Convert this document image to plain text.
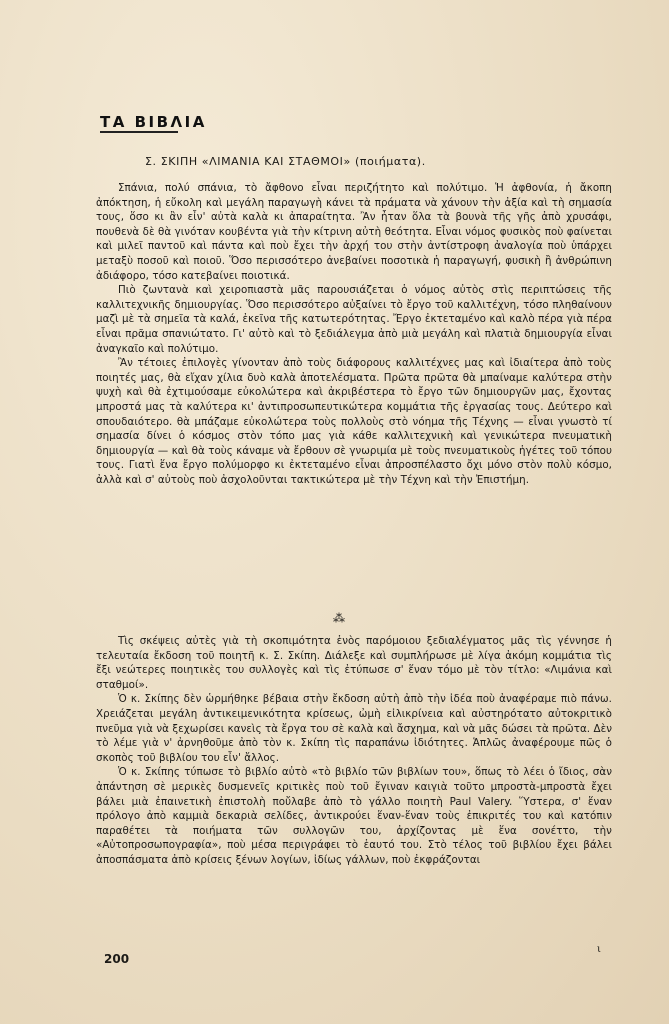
ΤΑ ΒΙΒΛΙΑ
Σ. ΣΚΙΠΗ «ΛΙΜΑΝΙΑ ΚΑΙ ΣΤΑΘΜΟΙ» (ποιήματα).

Σπάνια, πολύ σπάνια, τὸ ἄφθονο εἶναι περιζήτητο καὶ πολύτιμο. Ἡ ἀφθονία, ἡ ἄκοπη ἀπόκτηση, ἡ εὔκολη καὶ μεγάλη παραγωγὴ κάνει τὰ πράματα νὰ χάνουν τὴν ἀξία καὶ τὴ σημασία τους, ὅσο κι ἂν εἶν' αὐτὰ καλὰ κι ἀπαραίτητα. Ἂν ἦταν ὅλα τὰ βουνὰ τῆς γῆς ἀπὸ χρυσάφι, πουθενὰ δὲ θὰ γινόταν κουβέντα γιὰ τὴν κίτρινη αὐτὴ θεότητα. Εἶναι νόμος φυσικὸς ποὺ φαίνεται καὶ μιλεῖ παντοῦ καὶ πάντα καὶ ποὺ ἔχει τὴν ἀρχή του στὴν ἀντίστροφη ἀναλογία ποὺ ὑπάρχει μεταξὺ ποσοῦ καὶ ποιοῦ. Ὅσο περισσότερο ἀνεβαίνει ποσοτικὰ ἡ παραγωγή, φυσικὴ ἢ ἀνθρώπινη ἀδιάφορο, τόσο κατεβαίνει ποιοτικά.

Πιὸ ζωντανὰ καὶ χειροπιαστὰ μᾶς παρουσιάζεται ὁ νόμος αὐτὸς στὶς περιπτώσεις τῆς καλλιτεχνικῆς δημιουργίας. Ὅσο περισσότερο αὐξαίνει τὸ ἔργο τοῦ καλλιτέχνη, τόσο πληθαίνουν μαζὶ μὲ τὰ σημεῖα τὰ καλά, ἐκεῖνα τῆς κατωτερότητας. Ἔργο ἐκτεταμένο καὶ καλὸ πέρα γιὰ πέρα εἶναι πρᾶμα σπανιώτατο. Γι' αὐτὸ καὶ τὸ ξεδιάλεγμα ἀπὸ μιὰ μεγάλη καὶ πλατιὰ δημιουργία εἶναι ἀναγκαῖο καὶ πολύτιμο.

Ἂν τέτοιες ἐπιλογὲς γίνονταν ἀπὸ τοὺς διάφορους καλλιτέχνες μας καὶ ἰδιαίτερα ἀπὸ τοὺς ποιητές μας, θὰ εἴχαν χίλια δυὸ καλὰ ἀποτελέσματα. Πρῶτα πρῶτα θὰ μπαίναμε καλύτερα στὴν ψυχὴ καὶ θὰ ἐχτιμούσαμε εὐκολώτερα καὶ ἀκριβέστερα τὸ ἔργο τῶν δημιουργῶν μας, ἔχοντας μπροστά μας τὰ καλύτερα κι' ἀντιπροσωπευτικώτερα κομμάτια τῆς ἐργασίας τους. Δεύτερο καὶ σπουδαιότερο. θὰ μπάζαμε εὐκολώτερα τοὺς πολλοὺς στὸ νόημα τῆς Τέχνης — εἶναι γνωστὸ τί σημασία δίνει ὁ κόσμος στὸν τόπο μας γιὰ κάθε καλλιτεχνικὴ καὶ γενικώτερα πνευματικὴ δημιουργία — καὶ θὰ τοὺς κάναμε νὰ ἔρθουν σὲ γνωριμία μὲ τοὺς πνευματικοὺς ἡγέτες τοῦ τόπου τους. Γιατὶ ἕνα ἔργο πολύμορφο κι ἐκτεταμένο εἶναι ἀπροσπέλαστο ὄχι μόνο στὸν πολὺ κόσμο, ἀλλὰ καὶ σ' αὐτοὺς ποὺ ἀσχολοῦνται τακτικώτερα μὲ τὴν Τέχνη καὶ τὴν Ἐπιστήμη.

⁂

Τὶς σκέψεις αὐτὲς γιὰ τὴ σκοπιμότητα ἑνὸς παρόμοιου ξεδιαλέγματος μᾶς τὶς γέννησε ἡ τελευταία ἔκδοση τοῦ ποιητῆ κ. Σ. Σκίπη. Διάλεξε καὶ συμπλήρωσε μὲ λίγα ἀκόμη κομμάτια τὶς ἔξι νεώτερες ποιητικὲς του συλλογὲς καὶ τὶς ἐτύπωσε σ' ἕναν τόμο μὲ τὸν τίτλο: «Λιμάνια καὶ σταθμοί».

Ὁ κ. Σκίπης δὲν ὡρμήθηκε βέβαια στὴν ἔκδοση αὐτὴ ἀπὸ τὴν ἰδέα ποὺ ἀναφέραμε πιὸ πάνω. Χρειάζεται μεγάλη ἀντικειμενικότητα κρίσεως, ὠμὴ εἰλικρίνεια καὶ αὐστηρότατο αὐτοκριτικὸ πνεῦμα γιὰ νὰ ξεχωρίσει κανεὶς τὰ ἔργα του σὲ καλὰ καὶ ἄσχημα, καὶ νὰ μᾶς δώσει τὰ πρῶτα. Δὲν τὸ λέμε γιὰ ν' ἀρνηθοῦμε ἀπὸ τὸν κ. Σκίπη τὶς παραπάνω ἰδιότητες. Ἁπλῶς ἀναφέρουμε πῶς ὁ σκοπὸς τοῦ βιβλίου του εἶν' ἄλλος.

Ὁ κ. Σκίπης τύπωσε τὸ βιβλίο αὐτὸ «τὸ βιβλίο τῶν βιβλίων του», ὅπως τὸ λέει ὁ ἴδιος, σὰν ἀπάντηση σὲ μερικὲς δυσμενεῖς κριτικὲς ποὺ τοῦ ἔγιναν καιγιὰ τοῦτο μπροστὰ-μπροστὰ ἔχει βάλει μιὰ ἐπαινετικὴ ἐπιστολὴ ποὔλαβε ἀπὸ τὸ γάλλο ποιητὴ Paul Valery. Ὕστερα, σ' ἕναν πρόλογο ἀπὸ καμμιὰ δεκαριὰ σελίδες, ἀντικρούει ἕναν-ἕναν τοὺς ἐπικριτές του καὶ κατόπιν παραθέτει τὰ ποιήματα τῶν συλλογῶν του, ἀρχίζοντας μὲ ἕνα σονέττο, τὴν «Αὐτοπροσωπογραφία», ποὺ μέσα περιγράφει τὸ ἑαυτό του. Στὸ τέλος τοῦ βιβλίου ἔχει βάλει ἀποσπάσματα ἀπὸ κρίσεις ξένων λογίων, ἰδίως γάλλων, ποὺ ἐκφράζονται

ι
200
